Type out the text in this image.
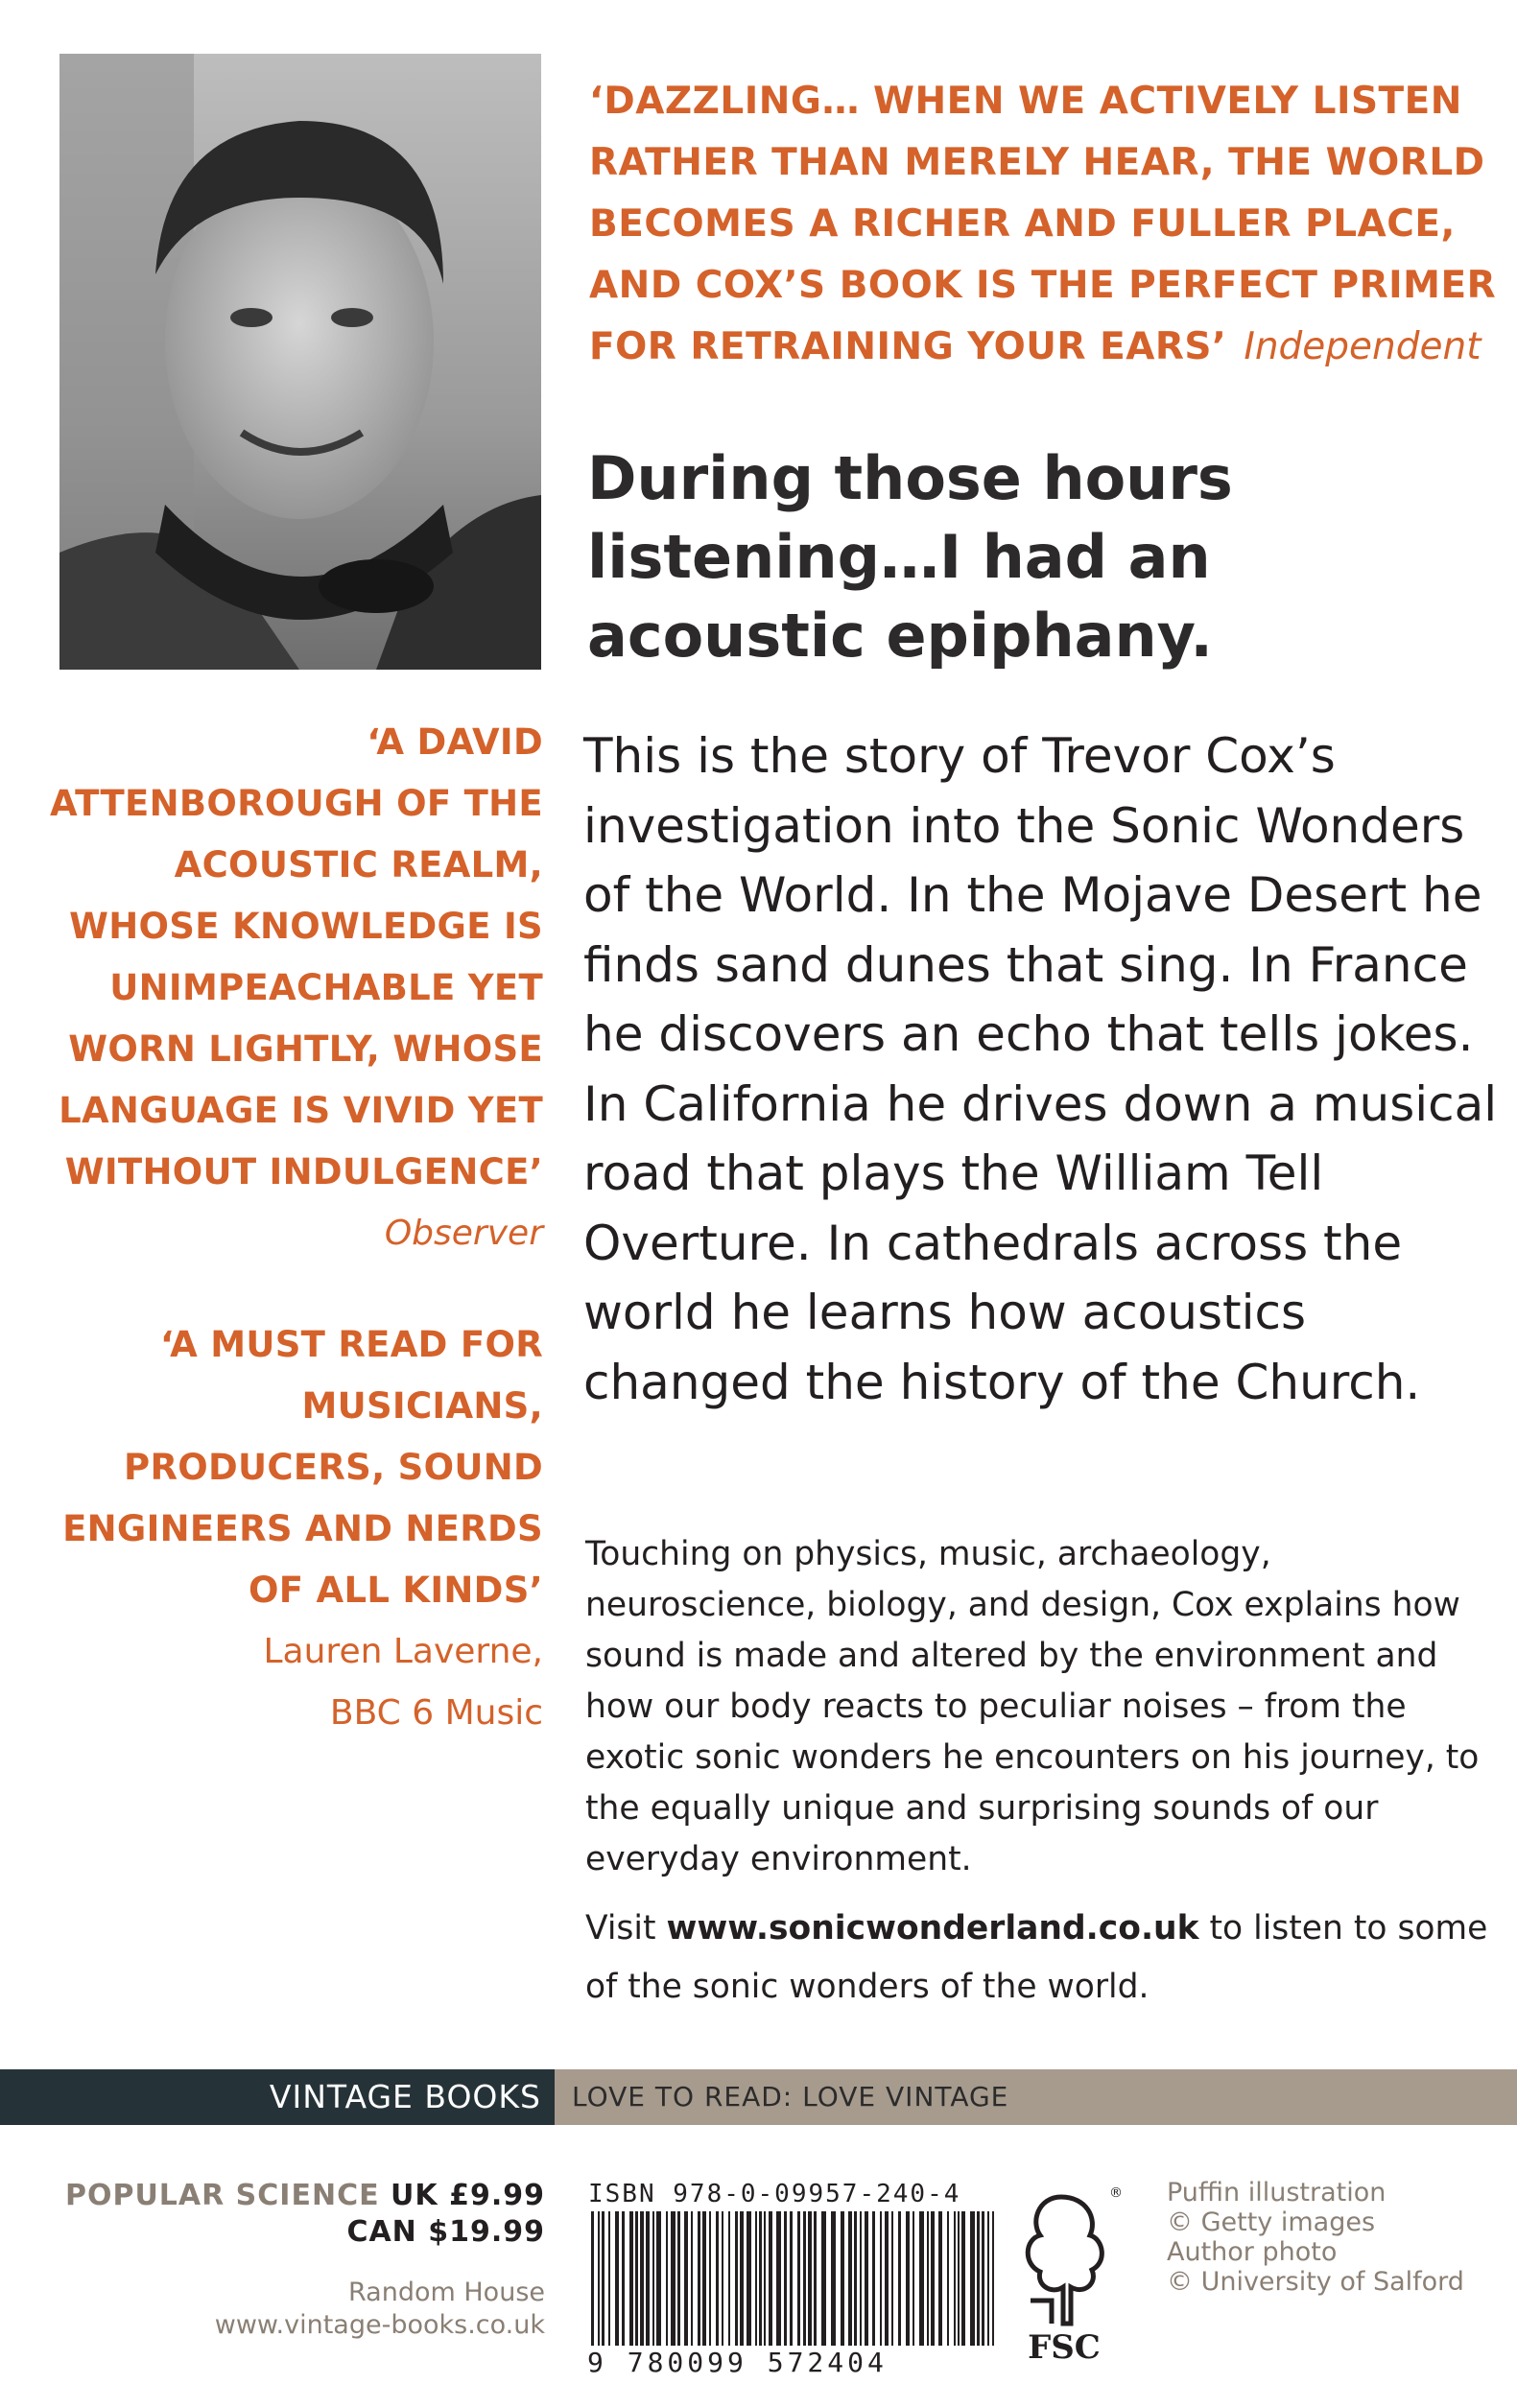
‘DAZZLING… WHEN WE ACTIVELY LISTEN RATHER THAN MERELY HEAR, THE WORLD BECOMES A RICHER AND FULLER PLACE, AND COX’S BOOK IS THE PERFECT PRIMER FOR RETRAINING YOUR EARS’ Independent
During those hours listening…I had an acoustic epiphany.
‘A DAVID ATTENBOROUGH OF THE ACOUSTIC REALM, WHOSE KNOWLEDGE IS UNIMPEACHABLE YET WORN LIGHTLY, WHOSE LANGUAGE IS VIVID YET WITHOUT INDULGENCE’
Observer
‘A MUST READ FOR MUSICIANS, PRODUCERS, SOUND ENGINEERS AND NERDS OF ALL KINDS’
Lauren Laverne,
BBC 6 Music
This is the story of Trevor Cox’s investigation into the Sonic Wonders of the World. In the Mojave Desert he finds sand dunes that sing. In France he discovers an echo that tells jokes. In California he drives down a musical road that plays the William Tell Overture. In cathedrals across the world he learns how acoustics changed the history of the Church.
Touching on physics, music, archaeology, neuroscience, biology, and design, Cox explains how sound is made and altered by the environment and how our body reacts to peculiar noises – from the exotic sonic wonders he encounters on his journey, to the equally unique and surprising sounds of our everyday environment.
Visit www.sonicwonderland.co.uk to listen to some of the sonic wonders of the world.
VINTAGE BOOKS	LOVE TO READ: LOVE VINTAGE
POPULAR SCIENCE UK £9.99
CAN $19.99
Random House
www.vintage-books.co.uk
ISBN 978-0-09957-240-4
9 780099 572404
®
FSC
Puffin illustration
© Getty images
Author photo
© University of Salford
